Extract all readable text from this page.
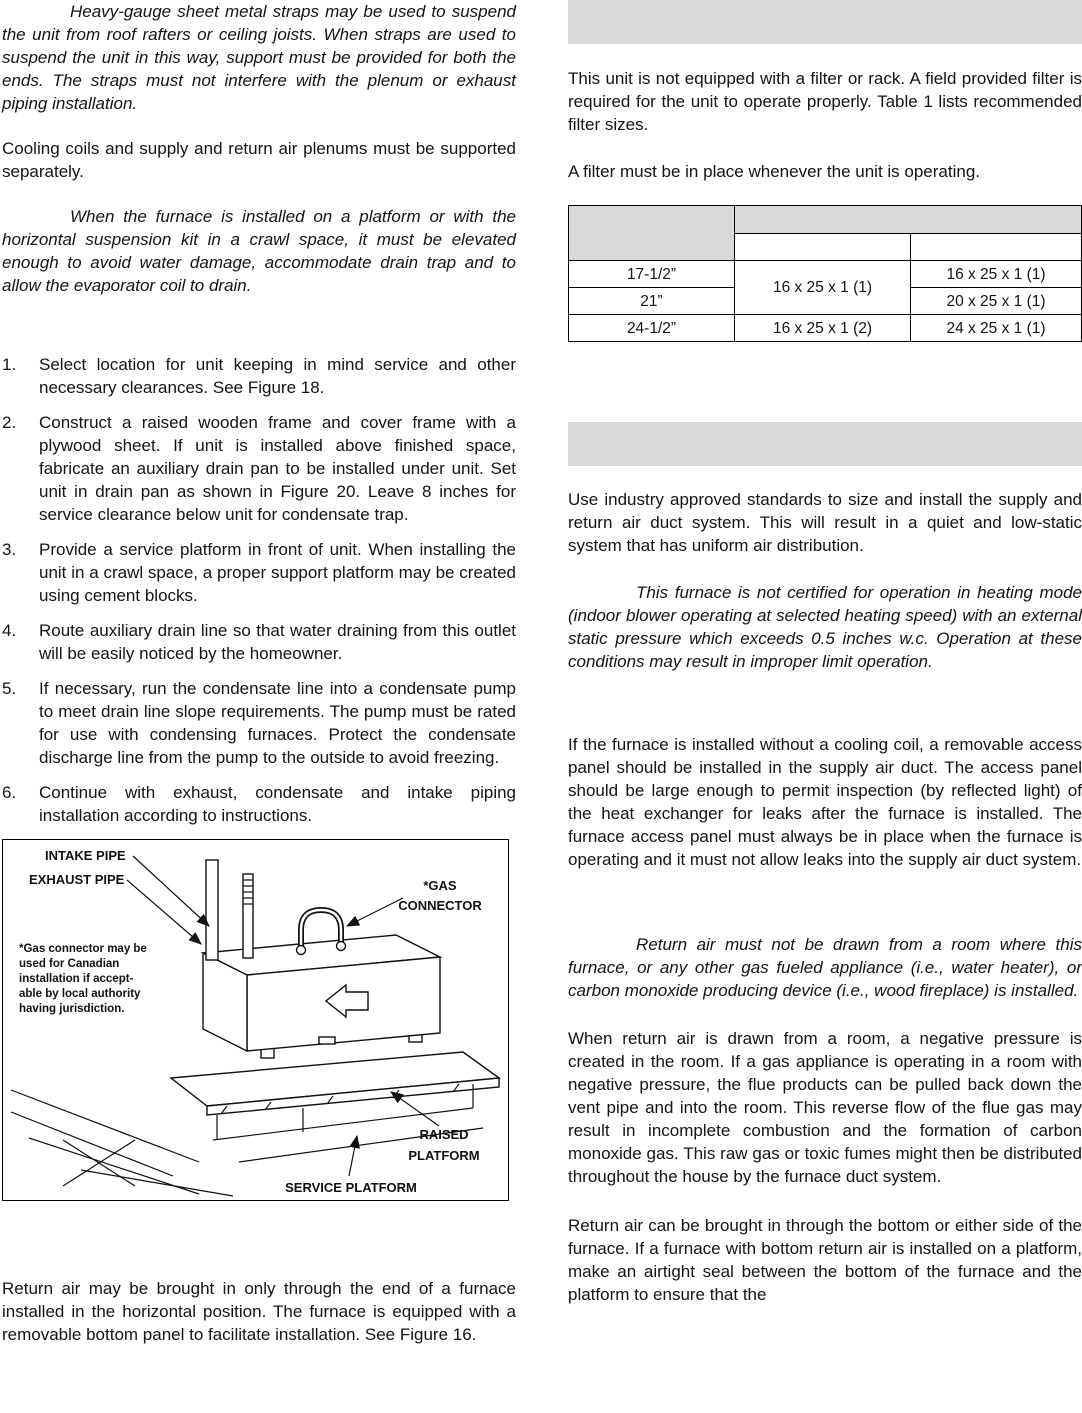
Heavy-gauge sheet metal straps may be used to suspend the unit from roof rafters or ceiling joists. When straps are used to suspend the unit in this way, support must be provided for both the ends. The straps must not interfere with the plenum or exhaust piping installation.

Cooling coils and supply and return air plenums must be supported separately.

When the furnace is installed on a platform or with the horizontal suspension kit in a crawl space, it must be elevated enough to avoid water damage, accommodate drain trap and to allow the evaporator coil to drain.

1.	Select location for unit keeping in mind service and other necessary clearances. See Figure 18.
2.	Construct a raised wooden frame and cover frame with a plywood sheet. If unit is installed above finished space, fabricate an auxiliary drain pan to be installed under unit. Set unit in drain pan as shown in Figure 20. Leave 8 inches for service clearance below unit for condensate trap.
3.	Provide a service platform in front of unit. When installing the unit in a crawl space, a proper support platform may be created using cement blocks.
4.	Route auxiliary drain line so that water draining from this outlet will be easily noticed by the homeowner.
5.	If necessary, run the condensate line into a condensate pump to meet drain line slope requirements. The pump must be rated for use with condensing furnaces. Protect the condensate discharge line from the pump to the outside to avoid freezing.
6.	Continue with exhaust, condensate and intake piping installation according to instructions.
INTAKE PIPE
EXHAUST PIPE	*GAS
CONNECTOR
*Gas connector may be
used for Canadian
installation if accept-
able by local authority
having jurisdiction.
RAISED
PLATFORM
SERVICE PLATFORM

Return air may be brought in only through the end of a furnace installed in the horizontal position. The furnace is equipped with a removable bottom panel to facilitate installation. See Figure 16.

This unit is not equipped with a filter or rack. A field provided filter is required for the unit to operate properly. Table 1 lists recommended filter sizes.

A filter must be in place whenever the unit is operating.

17-1/2”	16 x 25 x 1 (1)	16 x 25 x 1 (1)
21”		20 x 25 x 1 (1)
24-1/2”	16 x 25 x 1 (2)	24 x 25 x 1 (1)

Use industry approved standards to size and install the supply and return air duct system. This will result in a quiet and low-static system that has uniform air distribution.

This furnace is not certified for operation in heating mode (indoor blower operating at selected heating speed) with an external static pressure which exceeds 0.5 inches w.c. Operation at these conditions may result in improper limit operation.

If the furnace is installed without a cooling coil, a removable access panel should be installed in the supply air duct. The access panel should be large enough to permit inspection (by reflected light) of the heat exchanger for leaks after the furnace is installed. The furnace access panel must always be in place when the furnace is operating and it must not allow leaks into the supply air duct system.

Return air must not be drawn from a room where this furnace, or any other gas fueled appliance (i.e., water heater), or carbon monoxide producing device (i.e., wood fireplace) is installed.

When return air is drawn from a room, a negative pressure is created in the room. If a gas appliance is operating in a room with negative pressure, the flue products can be pulled back down the vent pipe and into the room. This reverse flow of the flue gas may result in incomplete combustion and the formation of carbon monoxide gas. This raw gas or toxic fumes might then be distributed throughout the house by the furnace duct system.

Return air can be brought in through the bottom or either side of the furnace. If a furnace with bottom return air is installed on a platform, make an airtight seal between the bottom of the furnace and the platform to ensure that the
